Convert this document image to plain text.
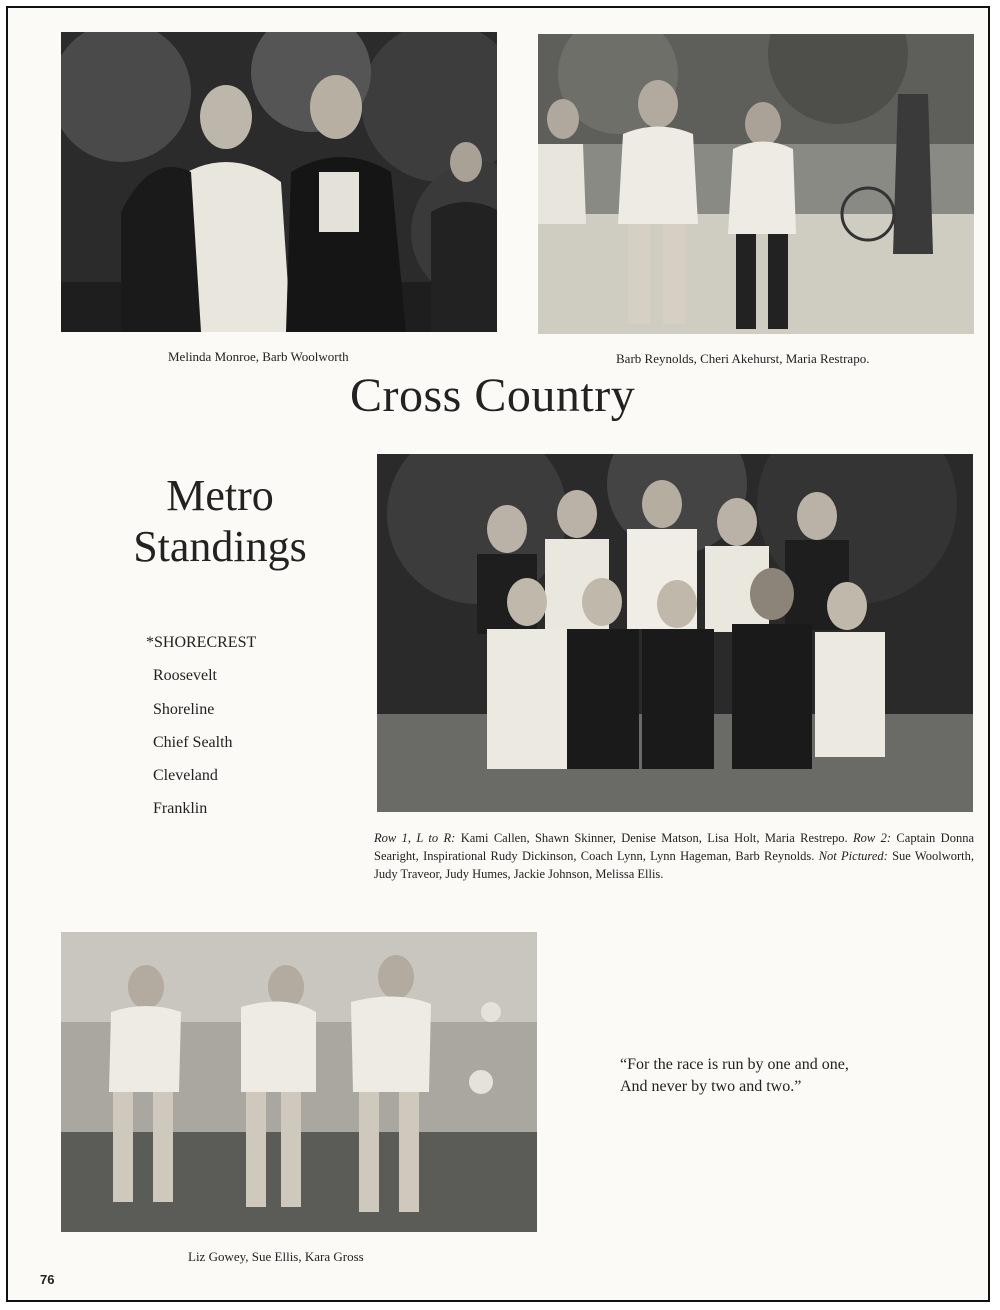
Melinda Monroe, Barb Woolworth	Barb Reynolds, Cheri Akehurst, Maria Restrapo.
Cross Country
Metro
Standings
*SHORECREST
Roosevelt
Shoreline
Chief Sealth
Cleveland
Franklin
Row 1, L to R: Kami Callen, Shawn Skinner, Denise Matson, Lisa Holt, Maria Restrepo. Row 2: Captain Donna Searight, Inspirational Rudy Dickinson, Coach Lynn, Lynn Hageman, Barb Reynolds. Not Pictured: Sue Woolworth, Judy Traveor, Judy Humes, Jackie Johnson, Melissa Ellis.
Liz Gowey, Sue Ellis, Kara Gross
“For the race is run by one and one,
And never by two and two.”
76
